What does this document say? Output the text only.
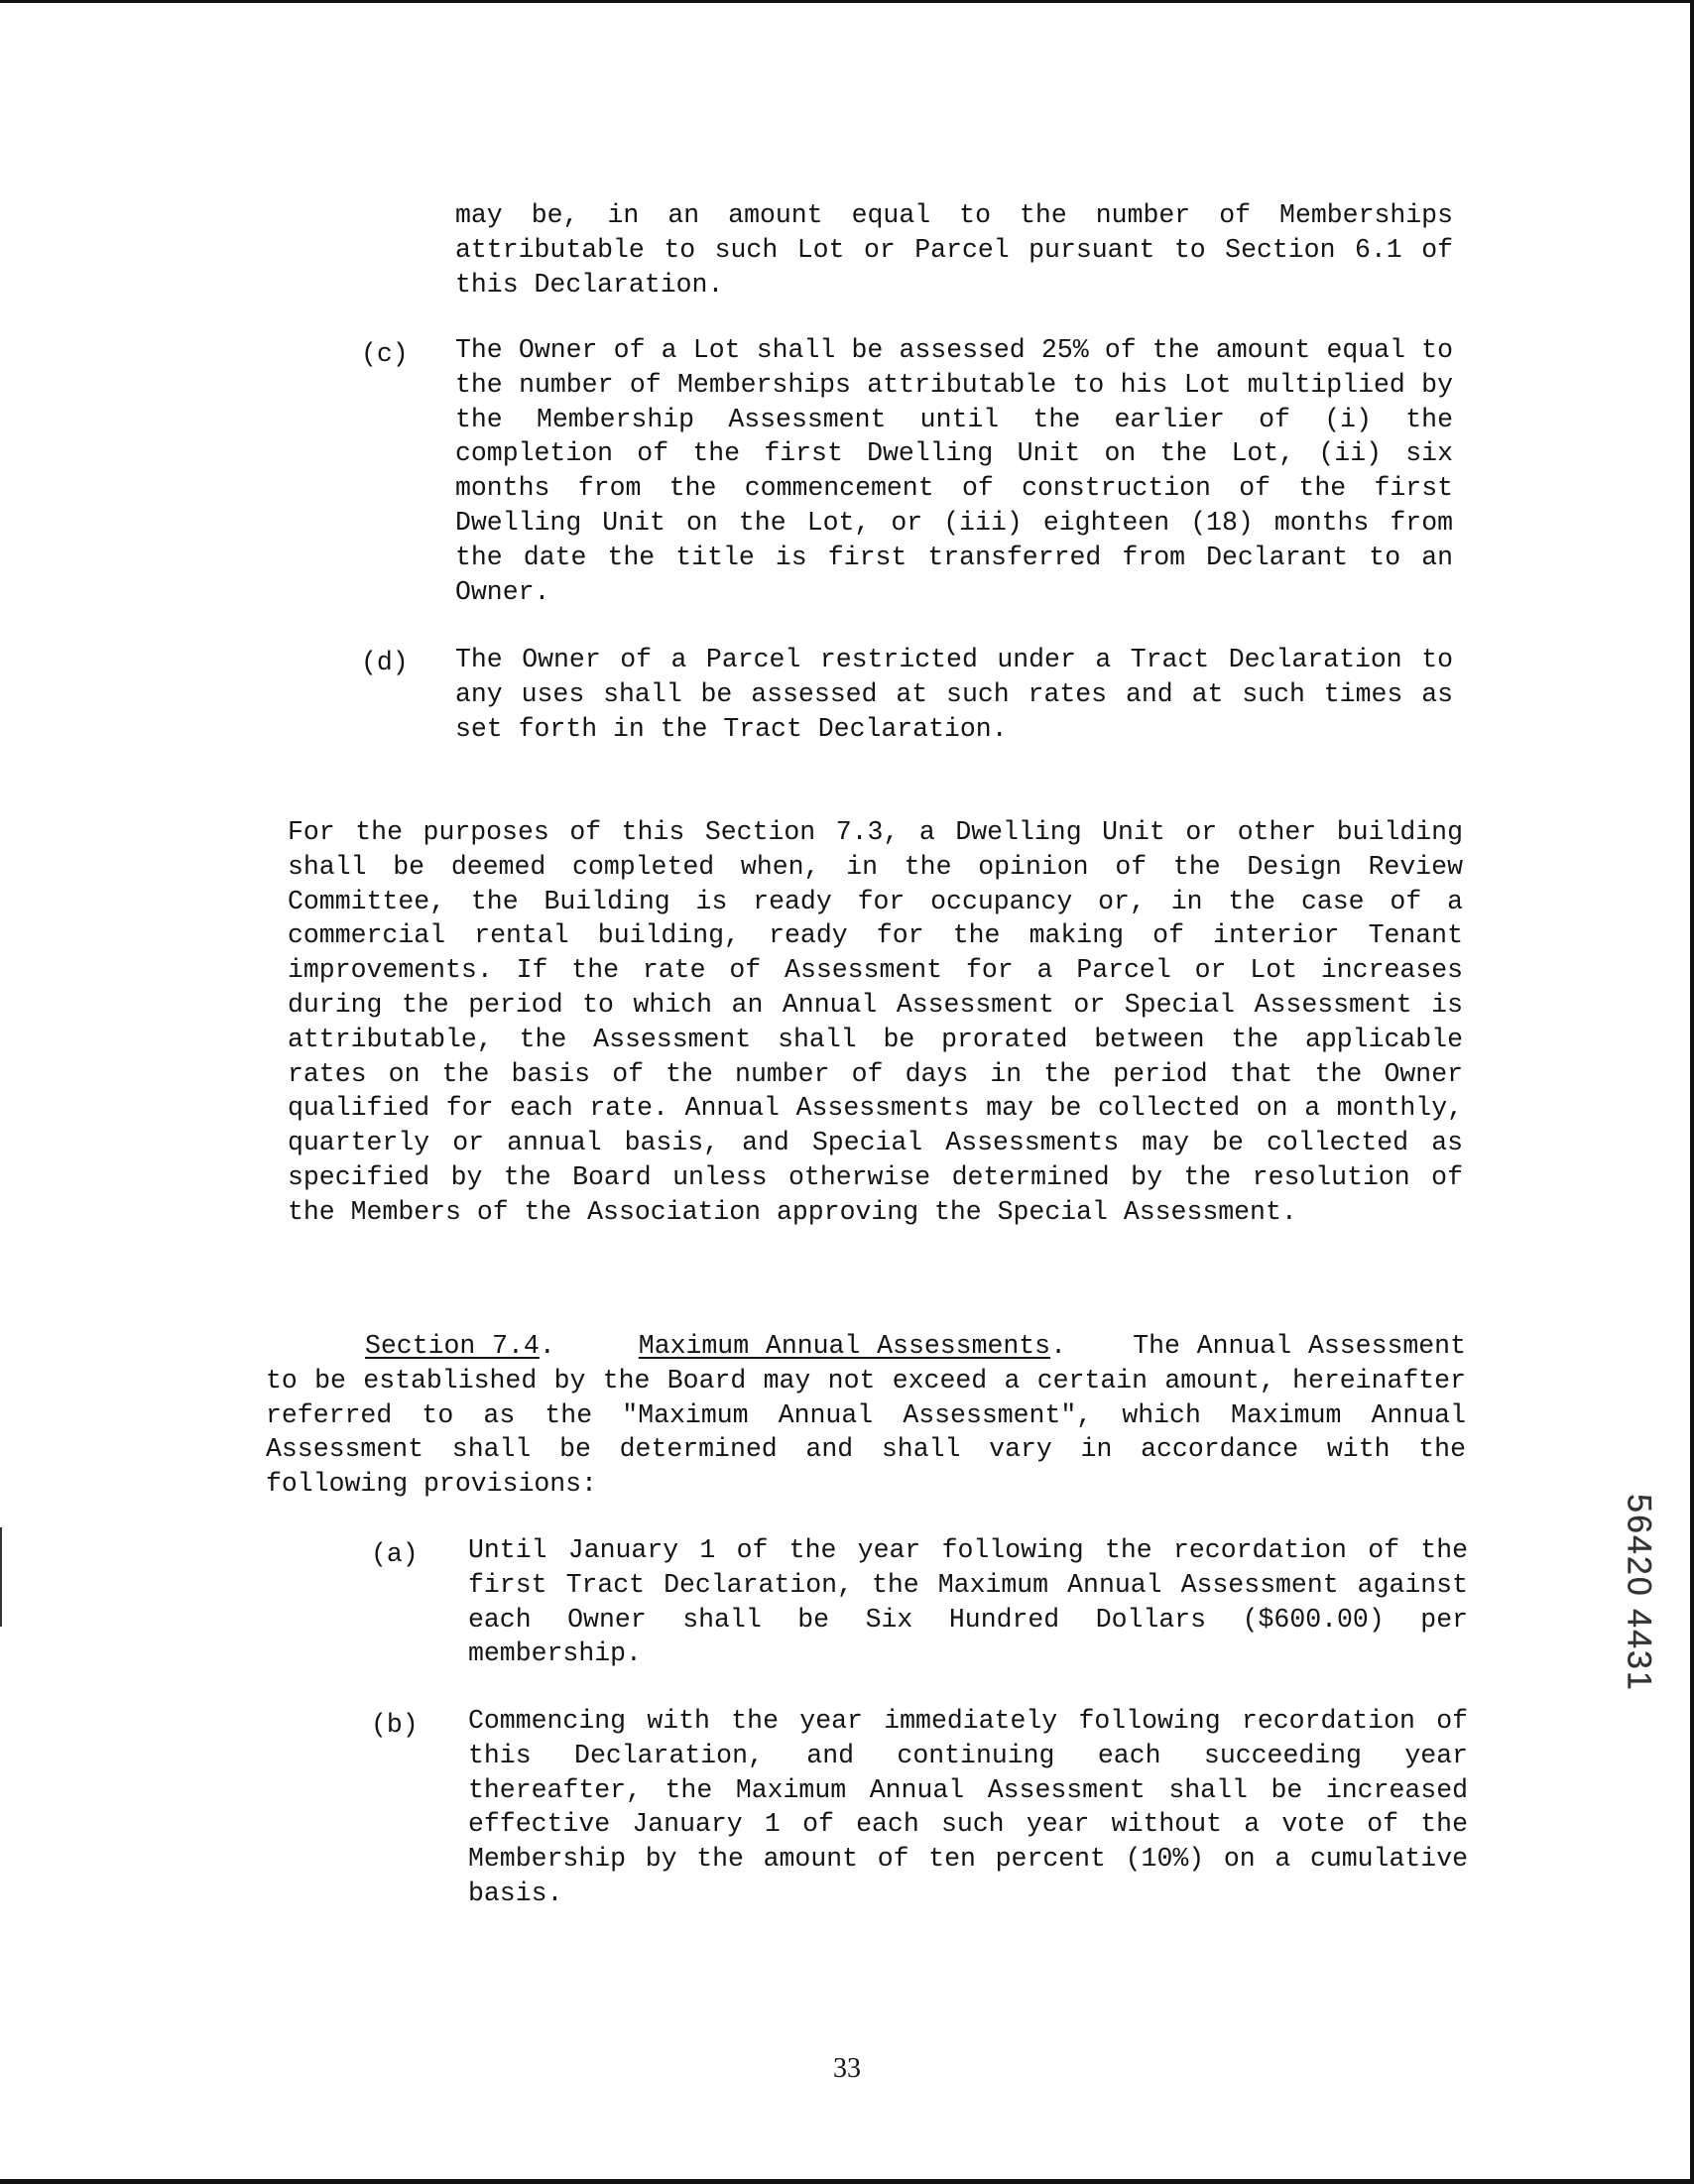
may be, in an amount equal to the number of Memberships attributable to such Lot or Parcel pursuant to Section 6.1 of this Declaration.
(c) The Owner of a Lot shall be assessed 25% of the amount equal to the number of Memberships attributable to his Lot multiplied by the Membership Assessment until the earlier of (i) the completion of the first Dwelling Unit on the Lot, (ii) six months from the commencement of construction of the first Dwelling Unit on the Lot, or (iii) eighteen (18) months from the date the title is first transferred from Declarant to an Owner.
(d) The Owner of a Parcel restricted under a Tract Declaration to any uses shall be assessed at such rates and at such times as set forth in the Tract Declaration.
For the purposes of this Section 7.3, a Dwelling Unit or other building shall be deemed completed when, in the opinion of the Design Review Committee, the Building is ready for occupancy or, in the case of a commercial rental building, ready for the making of interior Tenant improvements. If the rate of Assessment for a Parcel or Lot increases during the period to which an Annual Assessment or Special Assessment is attributable, the Assessment shall be prorated between the applicable rates on the basis of the number of days in the period that the Owner qualified for each rate. Annual Assessments may be collected on a monthly, quarterly or annual basis, and Special Assessments may be collected as specified by the Board unless otherwise determined by the resolution of the Members of the Association approving the Special Assessment.
Section 7.4.     Maximum Annual Assessments.    The Annual Assessment to be established by the Board may not exceed a certain amount, hereinafter referred to as the "Maximum Annual Assessment", which Maximum Annual Assessment shall be determined and shall vary in accordance with the following provisions:
(a) Until January 1 of the year following the recordation of the first Tract Declaration, the Maximum Annual Assessment against each Owner shall be Six Hundred Dollars ($600.00) per membership.
(b) Commencing with the year immediately following recordation of this Declaration, and continuing each succeeding year thereafter, the Maximum Annual Assessment shall be increased effective January 1 of each such year without a vote of the Membership by the amount of ten percent (10%) on a cumulative basis.
33
56420 4431
